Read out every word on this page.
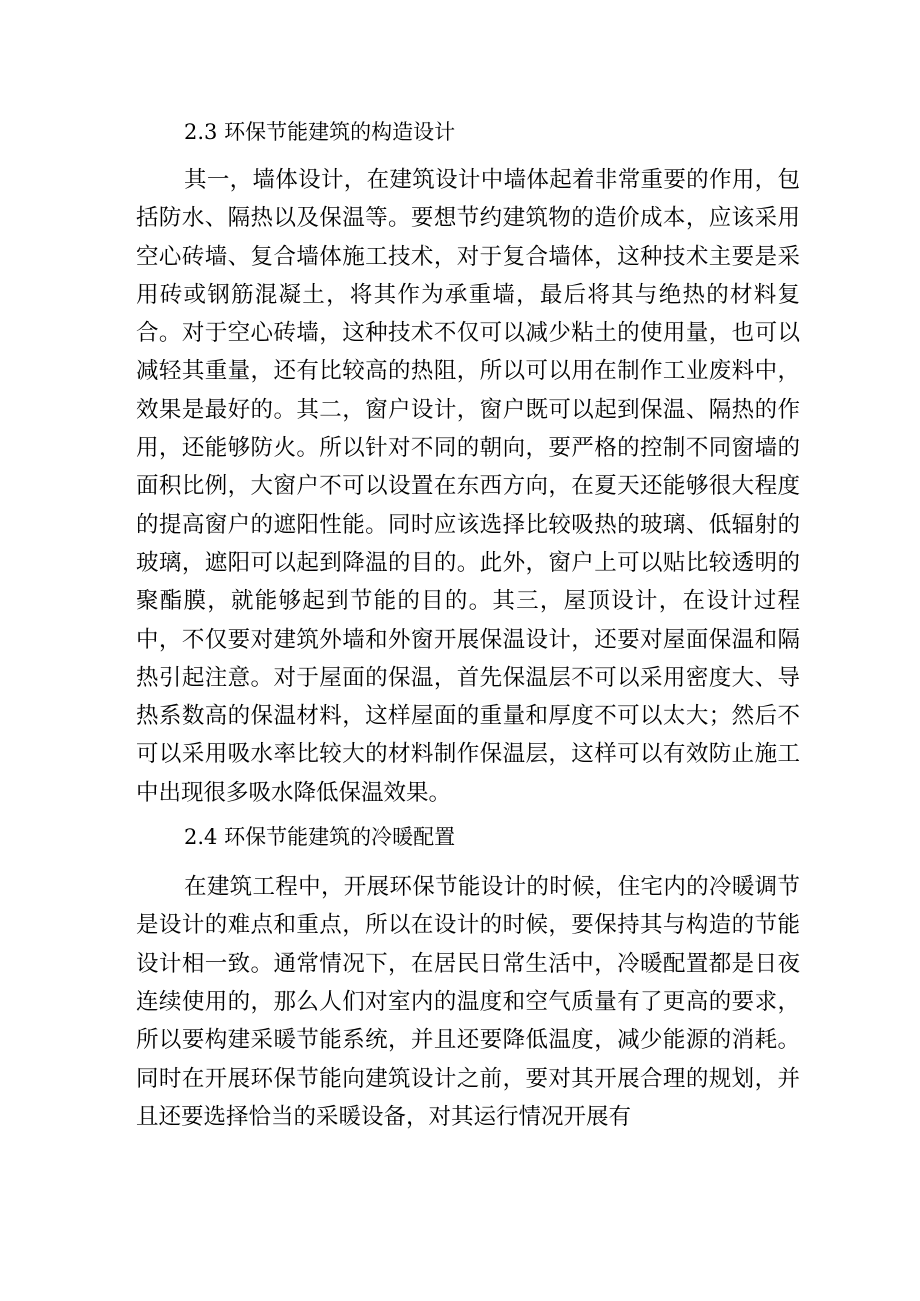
2.3 环保节能建筑的构造设计

其一，墙体设计，在建筑设计中墙体起着非常重要的作用，包括防水、隔热以及保温等。要想节约建筑物的造价成本，应该采用空心砖墙、复合墙体施工技术，对于复合墙体，这种技术主要是采用砖或钢筋混凝土，将其作为承重墙，最后将其与绝热的材料复合。对于空心砖墙，这种技术不仅可以减少粘土的使用量，也可以减轻其重量，还有比较高的热阻，所以可以用在制作工业废料中，效果是最好的。其二，窗户设计，窗户既可以起到保温、隔热的作用，还能够防火。所以针对不同的朝向，要严格的控制不同窗墙的面积比例，大窗户不可以设置在东西方向，在夏天还能够很大程度的提高窗户的遮阳性能。同时应该选择比较吸热的玻璃、低辐射的玻璃，遮阳可以起到降温的目的。此外，窗户上可以贴比较透明的聚酯膜，就能够起到节能的目的。其三，屋顶设计，在设计过程中，不仅要对建筑外墙和外窗开展保温设计，还要对屋面保温和隔热引起注意。对于屋面的保温，首先保温层不可以采用密度大、导热系数高的保温材料，这样屋面的重量和厚度不可以太大；然后不可以采用吸水率比较大的材料制作保温层，这样可以有效防止施工中出现很多吸水降低保温效果。

2.4 环保节能建筑的冷暖配置

在建筑工程中，开展环保节能设计的时候，住宅内的冷暖调节是设计的难点和重点，所以在设计的时候，要保持其与构造的节能设计相一致。通常情况下，在居民日常生活中，冷暖配置都是日夜连续使用的，那么人们对室内的温度和空气质量有了更高的要求，所以要构建采暖节能系统，并且还要降低温度，减少能源的消耗。同时在开展环保节能向建筑设计之前，要对其开展合理的规划，并且还要选择恰当的采暖设备，对其运行情况开展有
